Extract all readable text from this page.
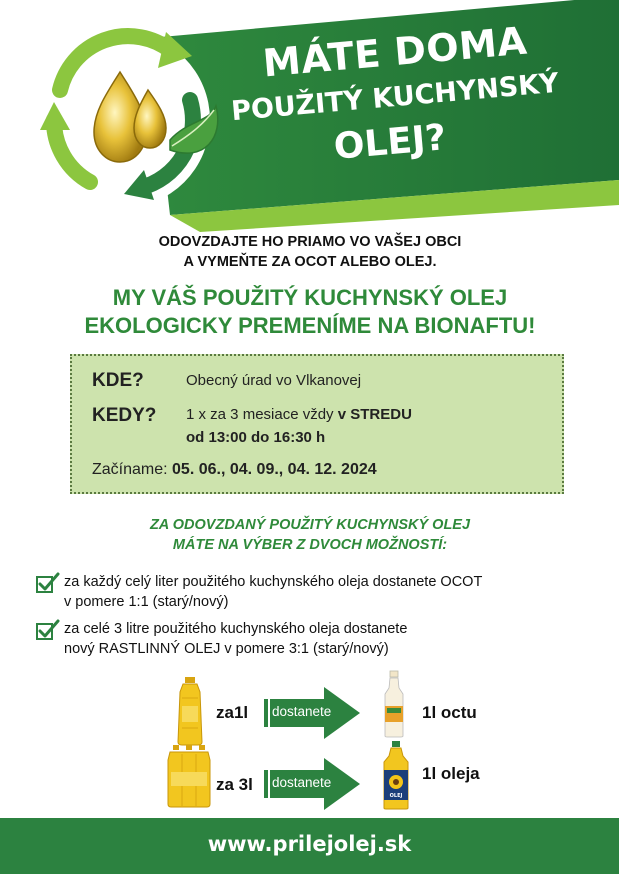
MÁTE DOMA
POUŽITÝ KUCHYNSKÝ
OLEJ?
ODOVZDAJTE HO PRIAMO VO VAŠEJ OBCI
A VYMEŇTE ZA OCOT ALEBO OLEJ.
MY VÁŠ POUŽITÝ KUCHYNSKÝ OLEJ
EKOLOGICKY PREMENÍME NA BIONAFTU!
KDE?	Obecný úrad vo Vlkanovej
KEDY? 1 x za 3 mesiace vždy v STREDU
od 13:00 do 16:30 h
Začíname: 05. 06., 04. 09., 04. 12. 2024
ZA ODOVZDANÝ POUŽITÝ KUCHYNSKÝ OLEJ
MÁTE NA VÝBER Z DVOCH MOŽNOSTÍ:
za každý celý liter použitého kuchynského oleja dostanete OCOT
v pomere 1:1 (starý/nový)
za celé 3 litre použitého kuchynského oleja dostanete
nový RASTLINNÝ OLEJ v pomere 3:1 (starý/nový)
za1l dostanete	1l octu
za 3l dostanete
OLEJ
1l oleja
www.prilejolej.sk
